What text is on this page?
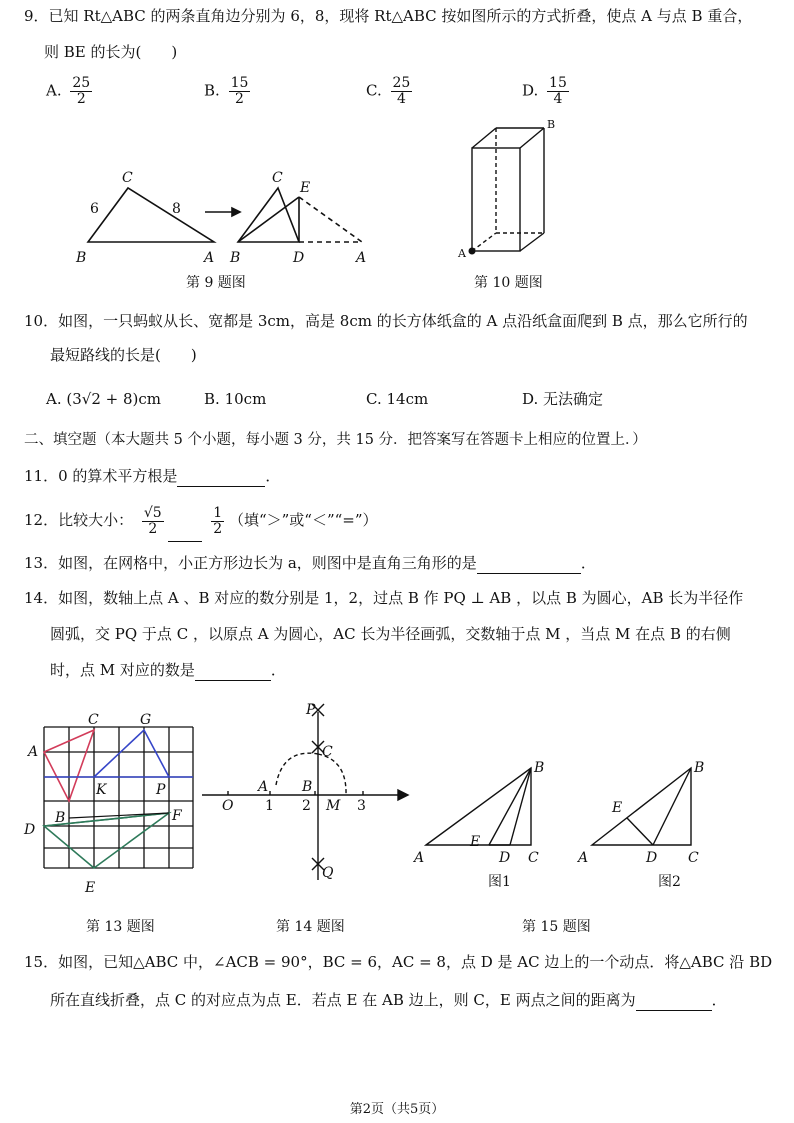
9．已知 Rt△ABC 的两条直角边分别为 6，8，现将 Rt△ABC 按如图所示的方式折叠，使点 A 与点 B 重合，
则 BE 的长为(　　)
A. $\frac{25}{2}$	B. $\frac{15}{2}$	C. $\frac{25}{4}$	D. $\frac{15}{4}$
C
B	A
6	8
C
E
B	D	A	A
B
第 9 题图	第 10 题图
10．如图，一只蚂蚁从长、宽都是 3cm，高是 8cm 的长方体纸盒的 A 点沿纸盒面爬到 B 点，那么它所行的
最短路线的长是(　　)
A. (3√2 + 8)cm	B. 10cm	C. 14cm	D. 无法确定
二、填空题（本大题共 5 个小题，每小题 3 分，共 15 分．把答案写在答题卡上相应的位置上．）
11．0 的算术平方根是	．
12．比较大小： $\frac{√5}{2}$
	$\frac{1}{2}$ （填“＞”或“＜”“=”）
13．如图，在网格中，小正方形边长为 a，则图中是直角三角形的是	．
14．如图，数轴上点 A 、B 对应的数分别是 1，2，过点 B 作 PQ ⊥ AB ，以点 B 为圆心，AB 长为半径作
圆弧，交 PQ 于点 C ，以原点 A 为圆心，AC 长为半径画弧，交数轴于点 M ，当点 M 在点 B 的右侧
时，点 M 对应的数是	．
C	G
A
K	P
B	F
D
E
P
C
A B
O 1 2 M 3
Q
B
A
E
D C
图1
B
A
E
D C
图2
第 13 题图	第 14 题图	第 15 题图
15．如图，已知△ABC 中，∠ACB = 90°，BC = 6，AC = 8，点 D 是 AC 边上的一个动点．将△ABC 沿 BD
所在直线折叠，点 C 的对应点为点 E．若点 E 在 AB 边上，则 C，E 两点之间的距离为	．
第2页（共5页）
